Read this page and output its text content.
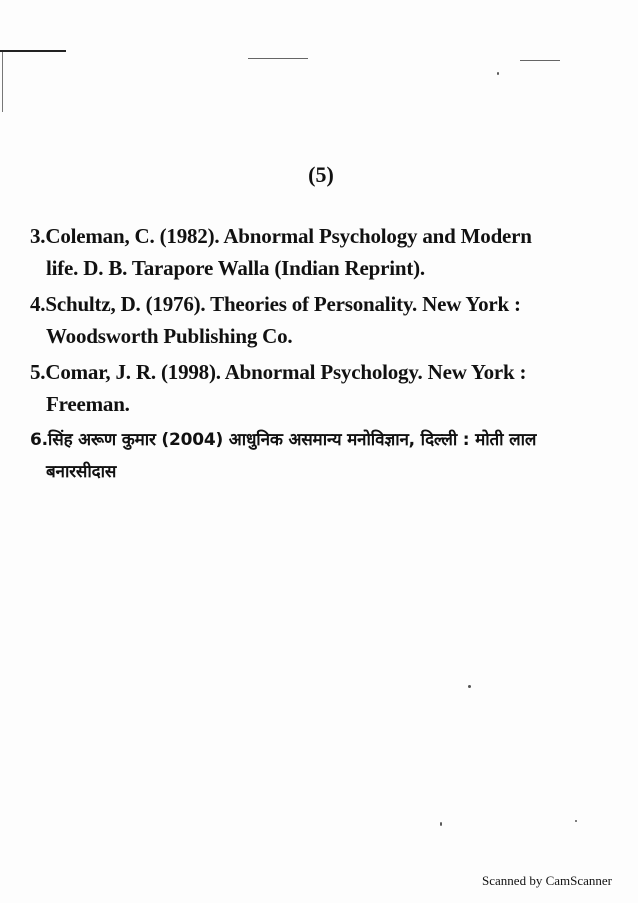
(5)

3.Coleman, C. (1982). Abnormal Psychology and Modern
life. D. B. Tarapore Walla (Indian Reprint).

4.Schultz, D. (1976). Theories of Personality. New York :
Woodsworth Publishing Co.

5.Comar, J. R. (1998). Abnormal Psychology. New York :
Freeman.

6.सिंह अरूण कुमार (2004) आधुनिक असमान्य मनोविज्ञान, दिल्ली : मोती लाल
बनारसीदास

Scanned by CamScanner
